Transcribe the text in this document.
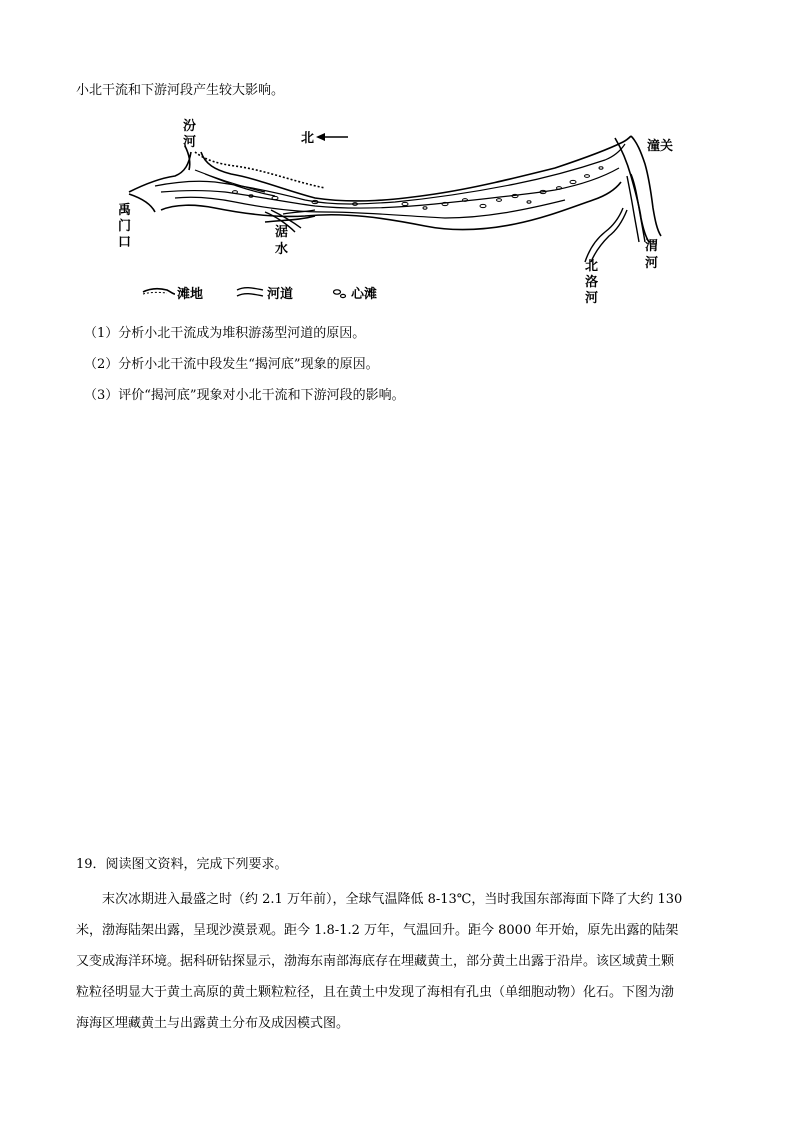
小北干流和下游河段产生较大影响。
北
汾
河	潼关
禹
门
口
涺
水	渭
河
北
洛
河
滩地	河道	心滩
（1）分析小北干流成为堆积游荡型河道的原因。
（2）分析小北干流中段发生“揭河底”现象的原因。
（3）评价“揭河底”现象对小北干流和下游河段的影响。
19．阅读图文资料，完成下列要求。
末次冰期进入最盛之时（约 2.1 万年前），全球气温降低 8-13℃，当时我国东部海面下降了大约 130
米，渤海陆架出露，呈现沙漠景观。距今 1.8-1.2 万年，气温回升。距今 8000 年开始，原先出露的陆架
又变成海洋环境。据科研钻探显示，渤海东南部海底存在埋藏黄土，部分黄土出露于沿岸。该区域黄土颗
粒粒径明显大于黄土高原的黄土颗粒粒径，且在黄土中发现了海相有孔虫（单细胞动物）化石。下图为渤
海海区埋藏黄土与出露黄土分布及成因模式图。
